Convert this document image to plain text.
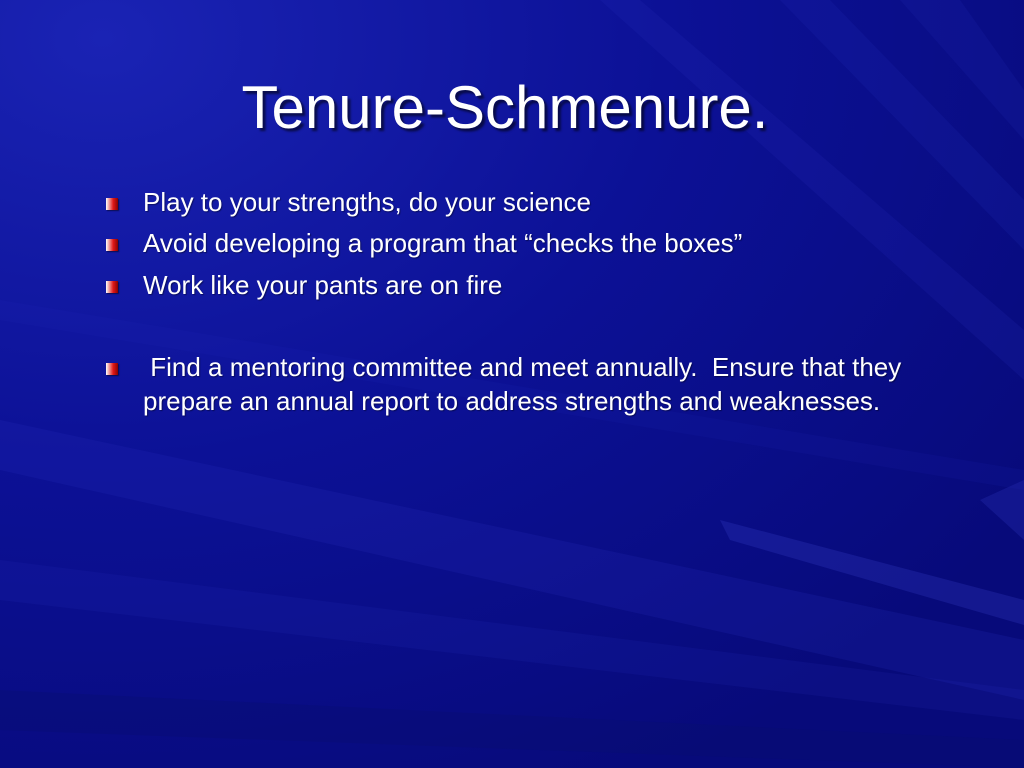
Tenure-Schmenure.
Play to your strengths, do your science
Avoid developing a program that “checks the boxes”
Work like your pants are on fire
Find a mentoring committee and meet annually.  Ensure that they prepare an annual report to address strengths and weaknesses.
